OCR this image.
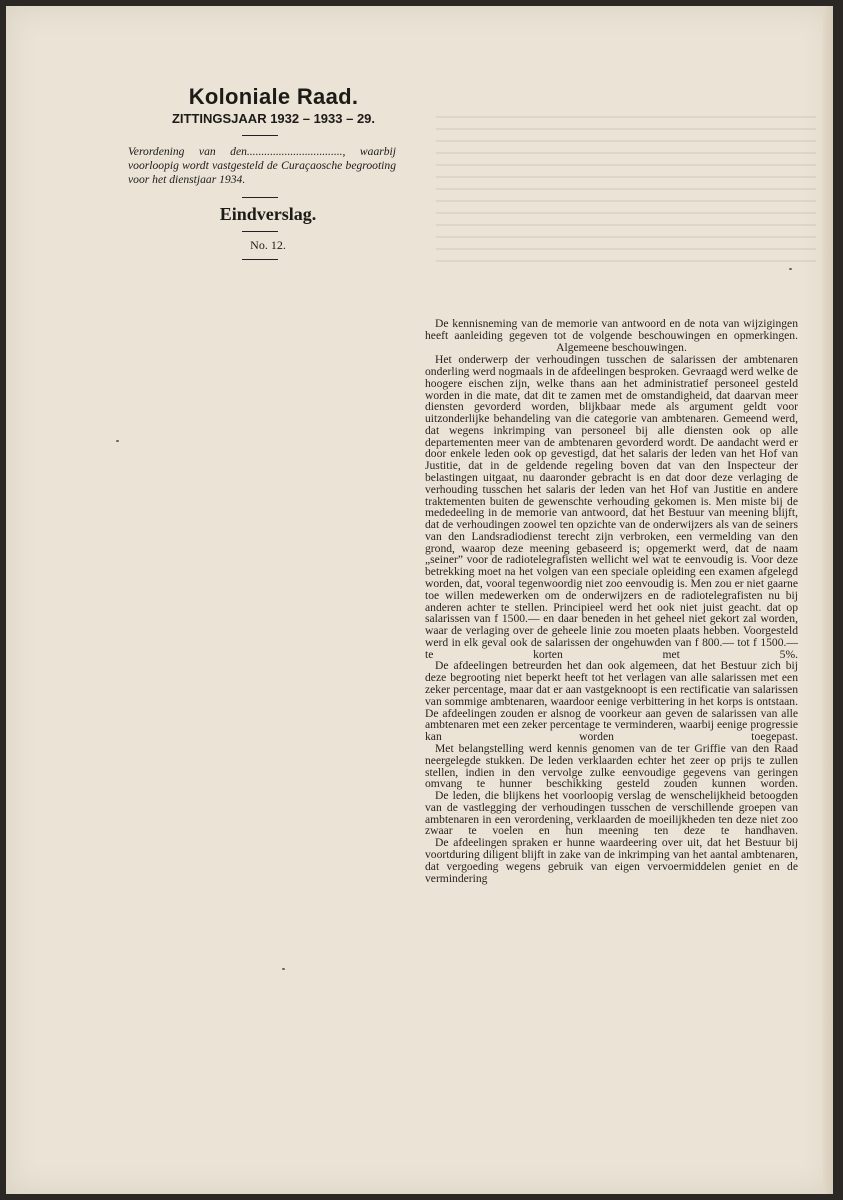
Koloniale Raad.
ZITTINGSJAAR 1932 – 1933 – 29.
Verordening van den................................., waarbij voorloopig wordt vastgesteld de Curaçaosche begrooting voor het dienstjaar 1934.
Eindverslag.
No. 12.

De kennisneming van de memorie van antwoord en de nota van wijzigingen heeft aanleiding gegeven tot de volgende beschouwingen en opmerkingen.

Algemeene beschouwingen.

Het onderwerp der verhoudingen tusschen de salarissen der ambtenaren onderling werd nogmaals in de afdeelingen besproken. Gevraagd werd welke de hoogere eischen zijn, welke thans aan het administratief personeel gesteld worden in die mate, dat dit te zamen met de omstandigheid, dat daarvan meer diensten gevorderd worden, blijkbaar mede als argument geldt voor uitzonderlijke behandeling van die categorie van ambtenaren. Gemeend werd, dat wegens inkrimping van personeel bij alle diensten ook op alle departementen meer van de ambtenaren gevorderd wordt. De aandacht werd er door enkele leden ook op gevestigd, dat het salaris der leden van het Hof van Justitie, dat in de geldende regeling boven dat van den Inspecteur der belastingen uitgaat, nu daaronder gebracht is en dat door deze verlaging de verhouding tusschen het salaris der leden van het Hof van Justitie en andere traktementen buiten de gewenschte verhouding gekomen is. Men miste bij de mededeeling in de memorie van antwoord, dat het Bestuur van meening blijft, dat de verhoudingen zoowel ten opzichte van de onderwijzers als van de seiners van den Landsradiodienst terecht zijn verbroken, een vermelding van den grond, waarop deze meening gebaseerd is; opgemerkt werd, dat de naam „seiner” voor de radiotelegrafisten wellicht wel wat te eenvoudig is. Voor deze betrekking moet na het volgen van een speciale opleiding een examen afgelegd worden, dat, vooral tegenwoordig niet zoo eenvoudig is. Men zou er niet gaarne toe willen medewerken om de onderwijzers en de radiotelegrafisten nu bij anderen achter te stellen. Principieel werd het ook niet juist geacht. dat op salarissen van f 1500.— en daar beneden in het geheel niet gekort zal worden, waar de verlaging over de geheele linie zou moeten plaats hebben. Voorgesteld werd in elk geval ook de salarissen der ongehuwden van f 800.— tot f 1500.— te korten met 5%.

De afdeelingen betreurden het dan ook algemeen, dat het Bestuur zich bij deze begrooting niet beperkt heeft tot het verlagen van alle salarissen met een zeker percentage, maar dat er aan vastgeknoopt is een rectificatie van salarissen van sommige ambtenaren, waardoor eenige verbittering in het korps is ontstaan. De afdeelingen zouden er alsnog de voorkeur aan geven de salarissen van alle ambtenaren met een zeker percentage te verminderen, waarbij eenige progressie kan worden toegepast.

Met belangstelling werd kennis genomen van de ter Griffie van den Raad neergelegde stukken. De leden verklaarden echter het zeer op prijs te zullen stellen, indien in den vervolge zulke eenvoudige gegevens van geringen omvang te hunner beschikking gesteld zouden kunnen worden.

De leden, die blijkens het voorloopig verslag de wenschelijkheid betoogden van de vastlegging der verhoudingen tusschen de verschillende groepen van ambtenaren in een verordening, verklaarden de moeilijkheden ten deze niet zoo zwaar te voelen en hun meening ten deze te handhaven.

De afdeelingen spraken er hunne waardeering over uit, dat het Bestuur bij voortduring diligent blijft in zake van de inkrimping van het aantal ambtenaren, dat vergoeding wegens gebruik van eigen vervoermiddelen geniet en de vermindering
